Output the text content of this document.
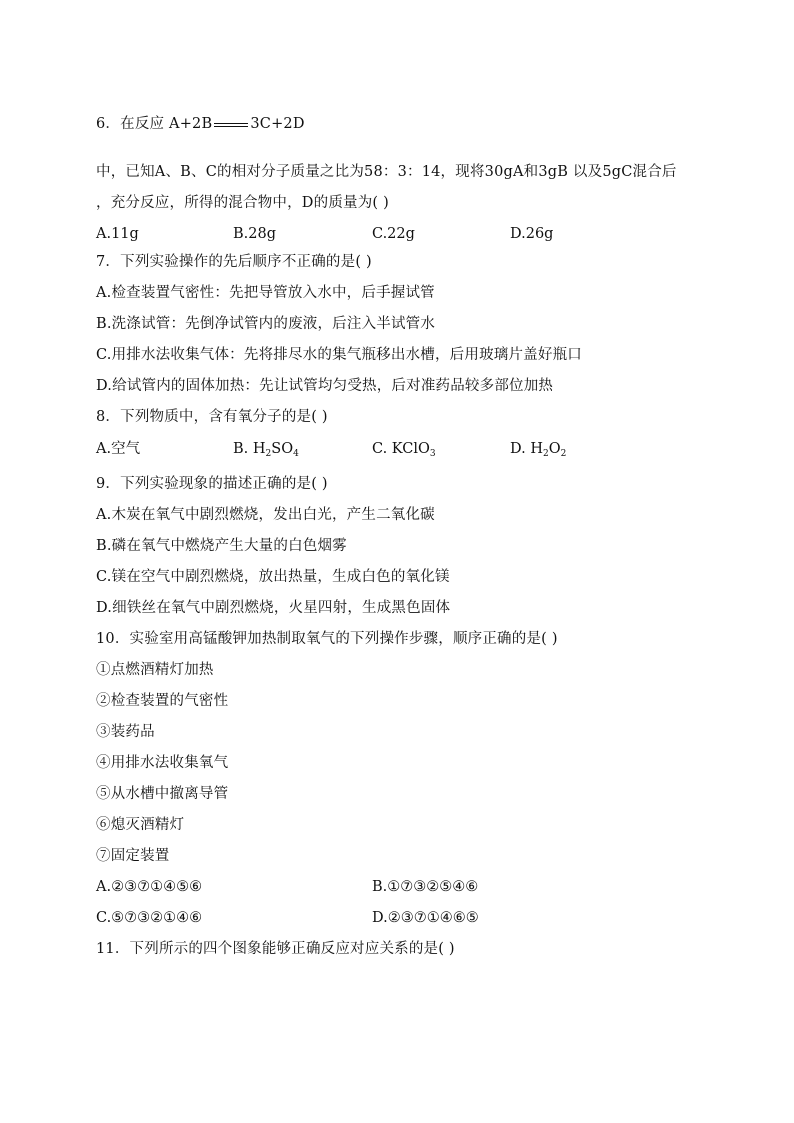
6．在反应 A+2B	3C+2D
中，已知A、B、C的相对分子质量之比为58：3：14，现将30gA和3gB 以及5gC混合后
，充分反应，所得的混合物中，D的质量为( )
A.11g	B.28g	C.22g	D.26g
7．下列实验操作的先后顺序不正确的是( )
A.检查装置气密性：先把导管放入水中，后手握试管
B.洗涤试管：先倒净试管内的废液，后注入半试管水
C.用排水法收集气体：先将排尽水的集气瓶移出水槽，后用玻璃片盖好瓶口
D.给试管内的固体加热：先让试管均匀受热，后对准药品较多部位加热
8．下列物质中，含有氧分子的是( )
A.空气	B. $H_2SO_4$	C. KClO$_3$	D. $H_2O_2$
9．下列实验现象的描述正确的是( )
A.木炭在氧气中剧烈燃烧，发出白光，产生二氧化碳
B.磷在氧气中燃烧产生大量的白色烟雾
C.镁在空气中剧烈燃烧，放出热量，生成白色的氧化镁
D.细铁丝在氧气中剧烈燃烧，火星四射，生成黑色固体
10．实验室用高锰酸钾加热制取氧气的下列操作步骤，顺序正确的是( )
①点燃酒精灯加热
②检查装置的气密性
③装药品
④用排水法收集氧气
⑤从水槽中撤离导管
⑥熄灭酒精灯
⑦固定装置
A.②③⑦①④⑤⑥	B.①⑦③②⑤④⑥
C.⑤⑦③②①④⑥	D.②③⑦①④⑥⑤
11．下列所示的四个图象能够正确反应对应关系的是( )
